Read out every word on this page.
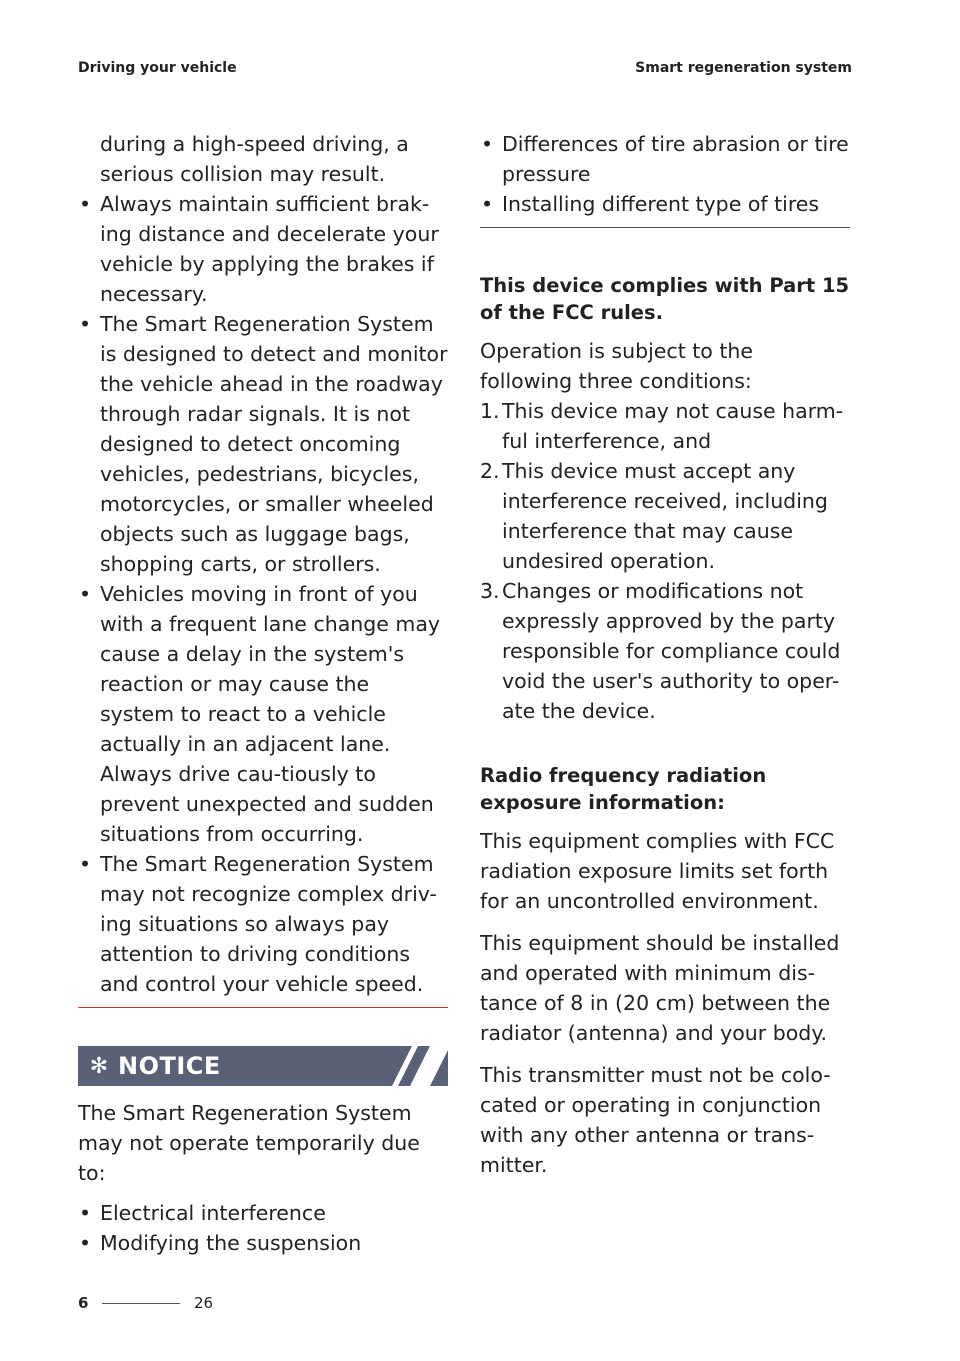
Driving your vehicle	Smart regeneration system

during a high-speed driving, a serious collision may result.

• Always maintain sufficient brak-ing distance and decelerate your vehicle by applying the brakes if necessary.
• The Smart Regeneration System is designed to detect and monitor the vehicle ahead in the roadway through radar signals. It is not designed to detect oncoming vehicles, pedestrians, bicycles, motorcycles, or smaller wheeled objects such as luggage bags, shopping carts, or strollers.
• Vehicles moving in front of you with a frequent lane change may cause a delay in the system's reaction or may cause the system to react to a vehicle actually in an adjacent lane. Always drive cau-tiously to prevent unexpected and sudden situations from occurring.
• The Smart Regeneration System may not recognize complex driv-ing situations so always pay attention to driving conditions and control your vehicle speed.
✻ NOTICE

The Smart Regeneration System may not operate temporarily due to:

• Electrical interference
• Modifying the suspension
• Differences of tire abrasion or tire pressure
• Installing different type of tires

This device complies with Part 15 of the FCC rules.

Operation is subject to the following three conditions:

1. This device may not cause harm-ful interference, and
2. This device must accept any interference received, including interference that may cause undesired operation.
3. Changes or modifications not expressly approved by the party responsible for compliance could void the user's authority to oper-ate the device.

Radio frequency radiation exposure information:

This equipment complies with FCC radiation exposure limits set forth for an uncontrolled environment.

This equipment should be installed and operated with minimum dis-tance of 8 in (20 cm) between the radiator (antenna) and your body.

This transmitter must not be colo-cated or operating in conjunction with any other antenna or trans-mitter.

6	26
